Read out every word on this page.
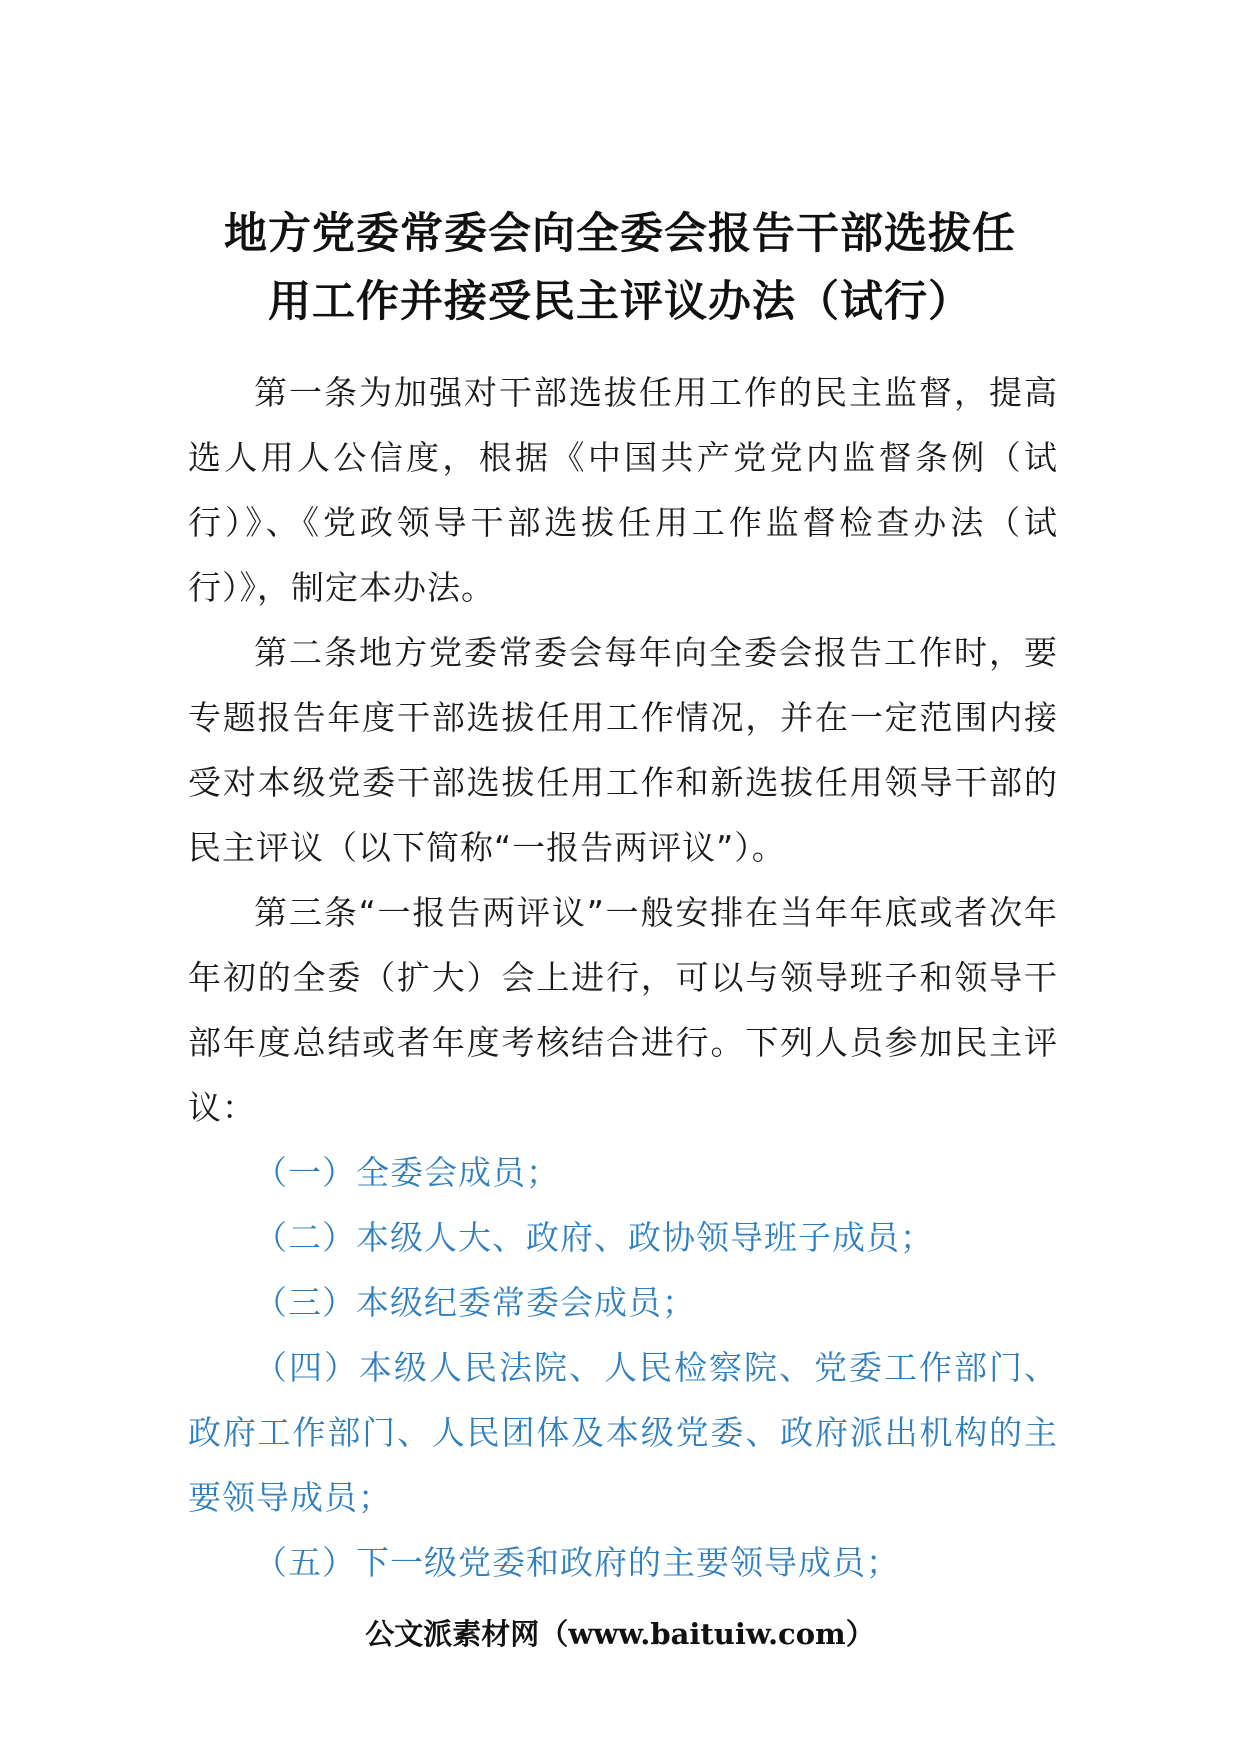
地方党委常委会向全委会报告干部选拔任
用工作并接受民主评议办法（试行）

第一条为加强对干部选拔任用工作的民主监督，提高选人用人公信度，根据《中国共产党党内监督条例（试行）》、《党政领导干部选拔任用工作监督检查办法（试行）》，制定本办法。

第二条地方党委常委会每年向全委会报告工作时，要专题报告年度干部选拔任用工作情况，并在一定范围内接受对本级党委干部选拔任用工作和新选拔任用领导干部的民主评议（以下简称“一报告两评议”）。

第三条“一报告两评议”一般安排在当年年底或者次年年初的全委（扩大）会上进行，可以与领导班子和领导干部年度总结或者年度考核结合进行。下列人员参加民主评议：

（一）全委会成员；

（二）本级人大、政府、政协领导班子成员；

（三）本级纪委常委会成员；

（四）本级人民法院、人民检察院、党委工作部门、政府工作部门、人民团体及本级党委、政府派出机构的主要领导成员；

（五）下一级党委和政府的主要领导成员；

公文派素材网（www.baituiw.com）
